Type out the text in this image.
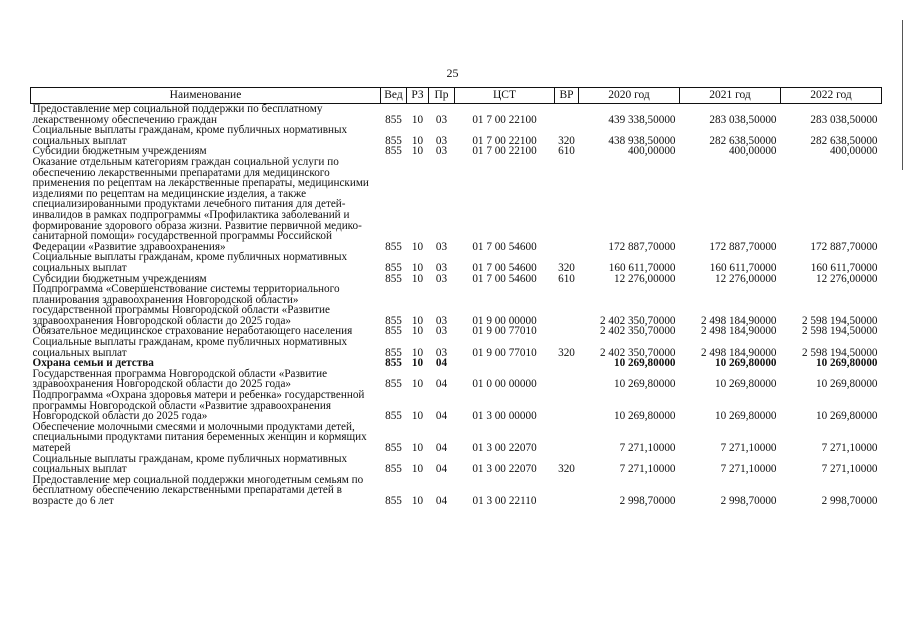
25
Наименование	Вед	РЗ	Пр	ЦСТ	ВР	2020 год	2021 год	2022 год
Предоставление мер социальной поддержки по бесплатному лекарственному обеспечению граждан	855	10	03	01 7 00 22100		439 338,50000	283 038,50000	283 038,50000
Социальные выплаты гражданам, кроме публичных нормативных социальных выплат	855	10	03	01 7 00 22100	320	438 938,50000	282 638,50000	282 638,50000
Субсидии бюджетным учреждениям	855	10	03	01 7 00 22100	610	400,00000	400,00000	400,00000
Оказание отдельным категориям граждан социальной услуги по обеспечению лекарственными препаратами для медицинского применения по рецептам на лекарственные препараты, медицинскими изделиями по рецептам на медицинские изделия, а также специализированными продуктами лечебного питания для детей-инвалидов в рамках подпрограммы «Профилактика заболеваний и формирование здорового образа жизни. Развитие первичной медико-санитарной помощи» государственной программы Российской Федерации «Развитие здравоохранения»	855	10	03	01 7 00 54600		172 887,70000	172 887,70000	172 887,70000
Социальные выплаты гражданам, кроме публичных нормативных социальных выплат	855	10	03	01 7 00 54600	320	160 611,70000	160 611,70000	160 611,70000
Субсидии бюджетным учреждениям	855	10	03	01 7 00 54600	610	12 276,00000	12 276,00000	12 276,00000
Подпрограмма «Совершенствование системы территориального планирования здравоохранения Новгородской области» государственной программы Новгородской области «Развитие здравоохранения Новгородской области до 2025 года»	855	10	03	01 9 00 00000		2 402 350,70000	2 498 184,90000	2 598 194,50000
Обязательное медицинское страхование неработающего населения	855	10	03	01 9 00 77010		2 402 350,70000	2 498 184,90000	2 598 194,50000
Социальные выплаты гражданам, кроме публичных нормативных социальных выплат	855	10	03	01 9 00 77010	320	2 402 350,70000	2 498 184,90000	2 598 194,50000
Охрана семьи и детства	855	10	04			10 269,80000	10 269,80000	10 269,80000
Государственная программа Новгородской области «Развитие здравоохранения Новгородской области до 2025 года»	855	10	04	01 0 00 00000		10 269,80000	10 269,80000	10 269,80000
Подпрограмма «Охрана здоровья матери и ребенка» государственной программы Новгородской области «Развитие здравоохранения Новгородской области до 2025 года»	855	10	04	01 3 00 00000		10 269,80000	10 269,80000	10 269,80000
Обеспечение молочными смесями и молочными продуктами детей, специальными продуктами питания беременных женщин и кормящих матерей	855	10	04	01 3 00 22070		7 271,10000	7 271,10000	7 271,10000
Социальные выплаты гражданам, кроме публичных нормативных социальных выплат	855	10	04	01 3 00 22070	320	7 271,10000	7 271,10000	7 271,10000
Предоставление мер социальной поддержки многодетным семьям по бесплатному обеспечению лекарственными препаратами детей в возрасте до 6 лет	855	10	04	01 3 00 22110		2 998,70000	2 998,70000	2 998,70000
